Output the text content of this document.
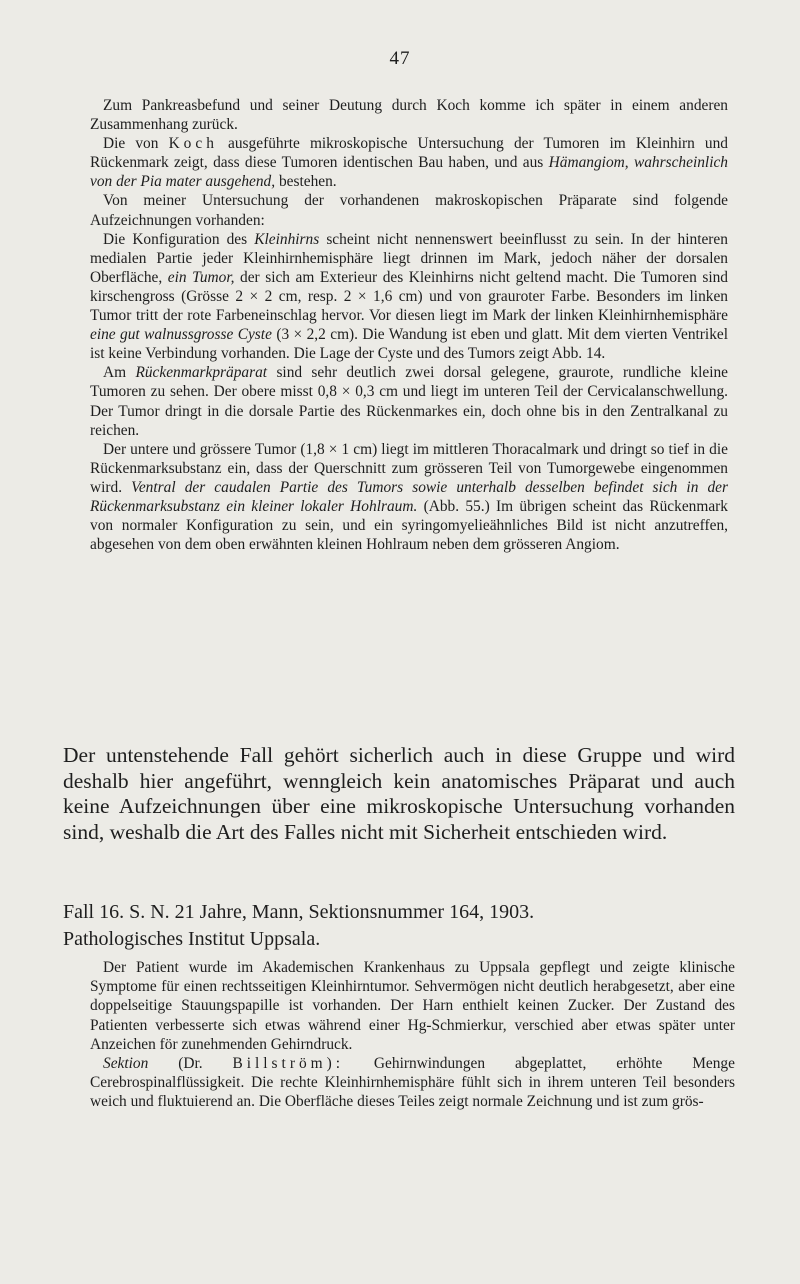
47

Zum Pankreasbefund und seiner Deutung durch Koch komme ich später in einem anderen Zusammenhang zurück.

Die von Koch ausgeführte mikroskopische Untersuchung der Tumoren im Kleinhirn und Rückenmark zeigt, dass diese Tumoren identischen Bau haben, und aus Hämangiom, wahrscheinlich von der Pia mater ausgehend, bestehen.

Von meiner Untersuchung der vorhandenen makroskopischen Präparate sind folgende Aufzeichnungen vorhanden:

Die Konfiguration des Kleinhirns scheint nicht nennenswert beeinflusst zu sein. In der hinteren medialen Partie jeder Kleinhirnhemisphäre liegt drinnen im Mark, jedoch näher der dorsalen Oberfläche, ein Tumor, der sich am Exterieur des Kleinhirns nicht geltend macht. Die Tumoren sind kirschengross (Grösse 2 × 2 cm, resp. 2 × 1,6 cm) und von grauroter Farbe. Besonders im linken Tumor tritt der rote Farbeneinschlag hervor. Vor diesen liegt im Mark der linken Kleinhirnhemisphäre eine gut walnussgrosse Cyste (3 × 2,2 cm). Die Wandung ist eben und glatt. Mit dem vierten Ventrikel ist keine Verbindung vorhanden. Die Lage der Cyste und des Tumors zeigt Abb. 14.

Am Rückenmarkpräparat sind sehr deutlich zwei dorsal gelegene, graurote, rundliche kleine Tumoren zu sehen. Der obere misst 0,8 × 0,3 cm und liegt im unteren Teil der Cervicalanschwellung. Der Tumor dringt in die dorsale Partie des Rückenmarkes ein, doch ohne bis in den Zentralkanal zu reichen.

Der untere und grössere Tumor (1,8 × 1 cm) liegt im mittleren Thoracalmark und dringt so tief in die Rückenmarksubstanz ein, dass der Querschnitt zum grösseren Teil von Tumorgewebe eingenommen wird. Ventral der caudalen Partie des Tumors sowie unterhalb desselben befindet sich in der Rückenmarksubstanz ein kleiner lokaler Hohlraum. (Abb. 55.) Im übrigen scheint das Rückenmark von normaler Konfiguration zu sein, und ein syringomyelieähnliches Bild ist nicht anzutreffen, abgesehen von dem oben erwähnten kleinen Hohlraum neben dem grösseren Angiom.

Der untenstehende Fall gehört sicherlich auch in diese Gruppe und wird deshalb hier angeführt, wenngleich kein anatomisches Präparat und auch keine Aufzeichnungen über eine mikroskopische Untersuchung vorhanden sind, weshalb die Art des Falles nicht mit Sicherheit entschieden wird.

Fall 16. S. N. 21 Jahre, Mann, Sektionsnummer 164, 1903.
Pathologisches Institut Uppsala.

Der Patient wurde im Akademischen Krankenhaus zu Uppsala gepflegt und zeigte klinische Symptome für einen rechtsseitigen Kleinhirntumor. Sehvermögen nicht deutlich herabgesetzt, aber eine doppelseitige Stauungspapille ist vorhanden. Der Harn enthielt keinen Zucker. Der Zustand des Patienten verbesserte sich etwas während einer Hg-Schmierkur, verschied aber etwas später unter Anzeichen för zunehmenden Gehirndruck.

Sektion (Dr. Billström): Gehirnwindungen abgeplattet, erhöhte Menge Cerebrospinalflüssigkeit. Die rechte Kleinhirnhemisphäre fühlt sich in ihrem unteren Teil besonders weich und fluktuierend an. Die Oberfläche dieses Teiles zeigt normale Zeichnung und ist zum grös-
